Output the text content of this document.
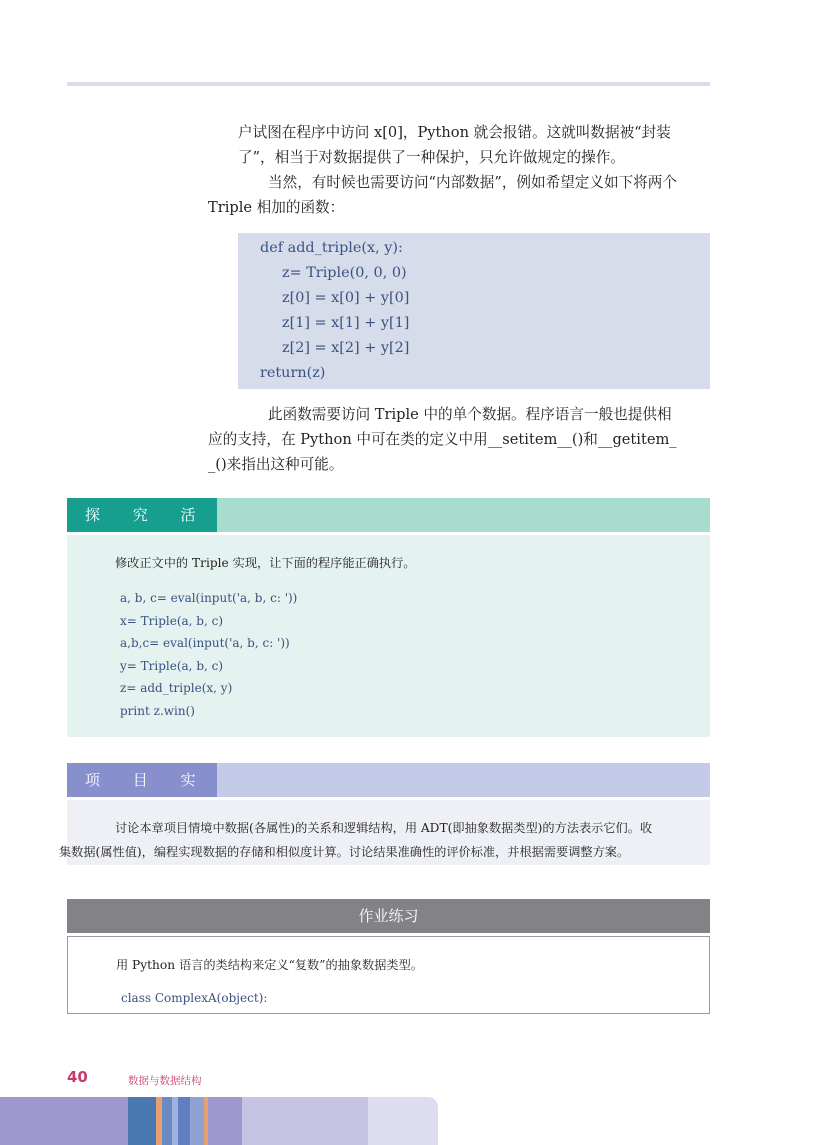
户试图在程序中访问 x[0]，Python 就会报错。这就叫数据被“封装
了”，相当于对数据提供了一种保护，只允许做规定的操作。

当然，有时候也需要访问“内部数据”，例如希望定义如下将两个
Triple 相加的函数：

def add_triple(x, y):
z= Triple(0, 0, 0)
z[0] = x[0] + y[0]
z[1] = x[1] + y[1]
z[2] = x[2] + y[2]
return(z)

此函数需要访问 Triple 中的单个数据。程序语言一般也提供相
应的支持，在 Python 中可在类的定义中用__setitem__()和__getitem_
_()来指出这种可能。

探 究 活

修改正文中的 Triple 实现，让下面的程序能正确执行。

a, b, c= eval(input('a, b, c: '))
x= Triple(a, b, c)
a,b,c= eval(input('a, b, c: '))
y= Triple(a, b, c)
z= add_triple(x, y)
print z.win()
项 目 实

讨论本章项目情境中数据(各属性)的关系和逻辑结构，用 ADT(即抽象数据类型)的方法表示它们。收
集数据(属性值)，编程实现数据的存储和相似度计算。讨论结果准确性的评价标准，并根据需要调整方案。

作业练习

用 Python 语言的类结构来定义“复数”的抽象数据类型。

class ComplexA(object):
40	数据与数据结构
